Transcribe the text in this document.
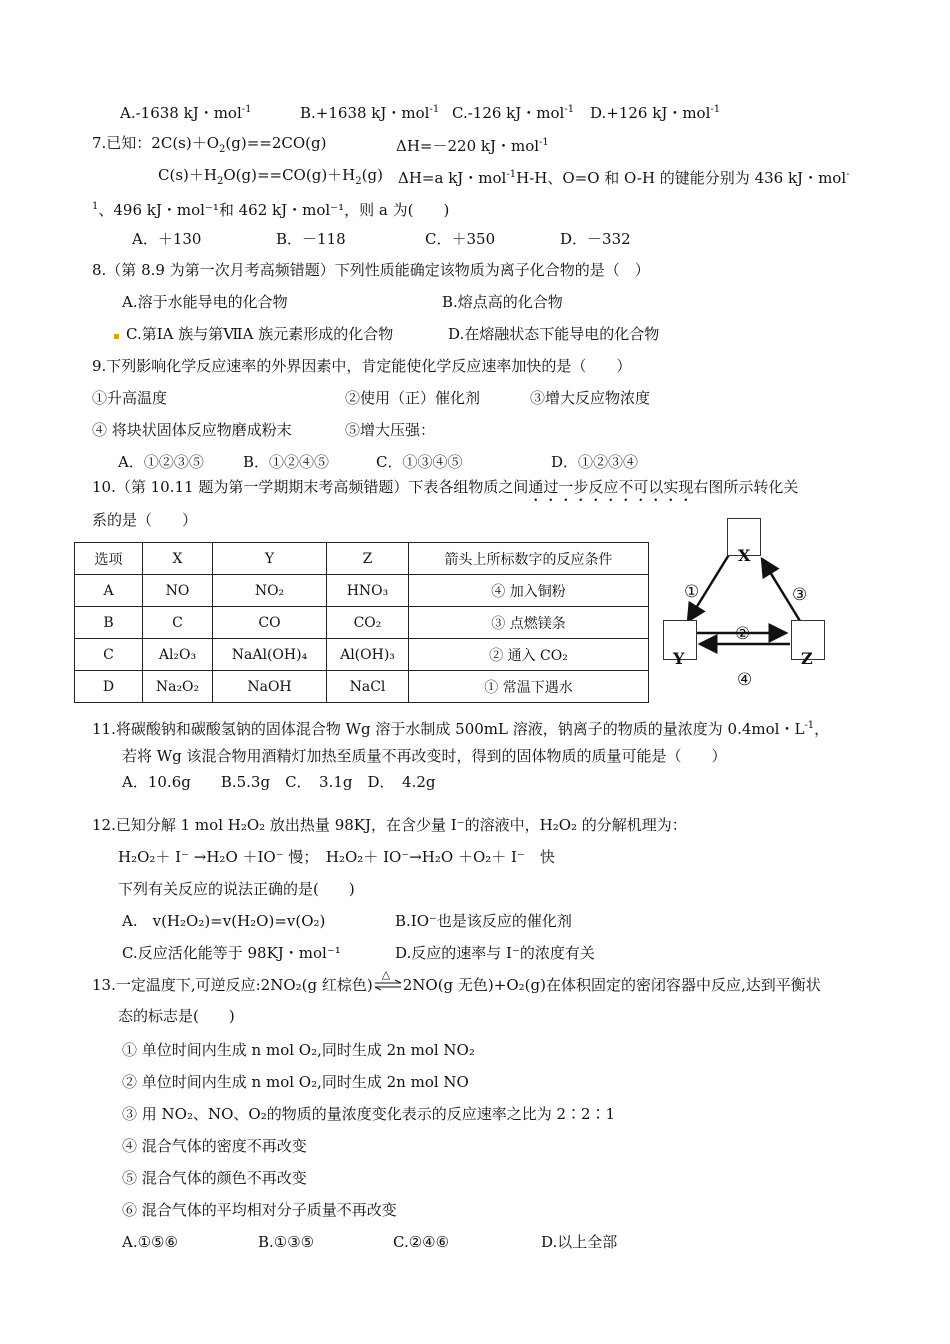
A.-1638 kJ・mol$^{-1}$	B.+1638 kJ・mol$^{-1}$ C.-126 kJ・mol$^{-1}$ D.+126 kJ・mol$^{-1}$
7.已知：$2C(s)+O_2(g)==2CO(g)$	ΔH=－220 kJ・mol$^{-1}$
$C(s)+H_2O(g)==CO(g)+H_2(g)$ ΔH=a kJ・mol$^{-1}$H-H、O=O 和 O-H 的键能分别为 436 kJ・mol-
$^1$、496 kJ・mol⁻¹和 462 kJ・mol⁻¹，则 a 为(　　)
A．＋130	B．－118	C．＋350	D．－332
8.（第 8.9 为第一次月考高频错题）下列性质能确定该物质为离子化合物的是（　）
A.溶于水能导电的化合物	B.熔点高的化合物
C.第ⅠA 族与第ⅦA 族元素形成的化合物	D.在熔融状态下能导电的化合物
9.下列影响化学反应速率的外界因素中，肯定能使化学反应速率加快的是（　　）
①升高温度	②使用（正）催化剂	③增大反应物浓度
④ 将块状固体反应物磨成粉末	⑤增大压强：
A．①②③⑤	B．①②④⑤	C．①③④⑤	D．①②③④
10.（第 10.11 题为第一学期期末考高频错题）下表各组物质之间通过一步反应不可以实现右图所示转化关
系的是（　　）
选项	X	Y	Z	箭头上所标数字的反应条件
A	NO	NO₂	HNO₃	④ 加入铜粉
B	C	CO	CO₂	③ 点燃镁条
C	Al₂O₃	NaAl(OH)₄	Al(OH)₃	② 通入 CO₂
D	Na₂O₂	NaOH	NaCl	① 常温下遇水
X
Y	Z
①
②
③
④
11.将碳酸钠和碳酸氢钠的固体混合物 Wg 溶于水制成 500mL 溶液，钠离子的物质的量浓度为 0.4mol・$L^{-1}$，
若将 Wg 该混合物用酒精灯加热至质量不再改变时，得到的固体物质的质量可能是（　　）
A．10.6g　　B.5.3g　C．　3.1g　D．　4.2g
12.已知分解 1 mol H₂O₂ 放出热量 98KJ，在含少量 I⁻的溶液中，H₂O₂ 的分解机理为：
H₂O₂＋ I⁻ →H₂O ＋IO⁻ 慢；　H₂O₂＋ IO⁻→H₂O ＋O₂＋ I⁻　快
下列有关反应的说法正确的是(　　)
A.　v(H₂O₂)=v(H₂O)=v(O₂)	B.IO⁻也是该反应的催化剂
C.反应活化能等于 98KJ・mol⁻¹	D.反应的速率与 I⁻的浓度有关
13.一定温度下,可逆反应:2NO₂(g 红棕色)
△
2NO(g 无色)+O₂(g)在体积固定的密闭容器中反应,达到平衡状
态的标志是(　　)
① 单位时间内生成 n mol O₂,同时生成 2n mol NO₂
② 单位时间内生成 n mol O₂,同时生成 2n mol NO
③ 用 NO₂、NO、O₂的物质的量浓度变化表示的反应速率之比为 2∶2∶1
④ 混合气体的密度不再改变
⑤ 混合气体的颜色不再改变
⑥ 混合气体的平均相对分子质量不再改变
A.①⑤⑥	B.①③⑤	C.②④⑥	D.以上全部
